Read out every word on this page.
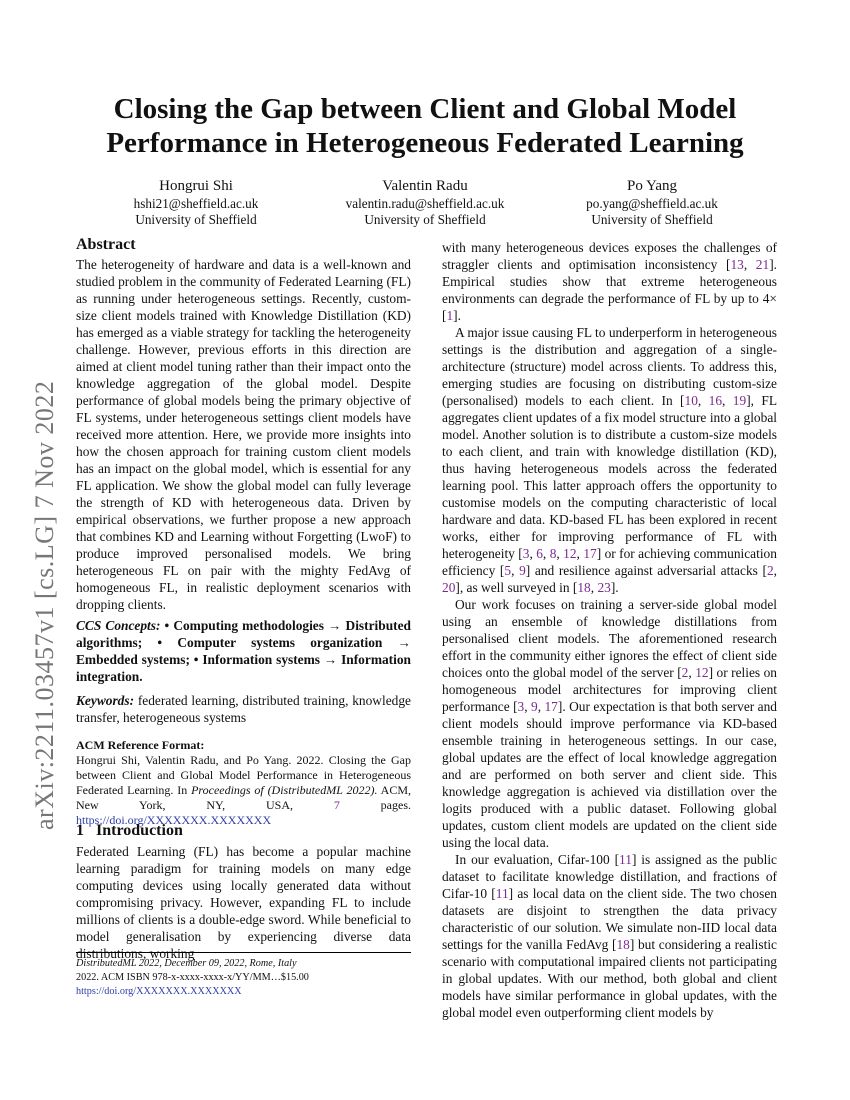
Closing the Gap between Client and Global Model
Performance in Heterogeneous Federated Learning
Hongrui Shi
hshi21@sheffield.ac.uk
University of Sheffield
Valentin Radu
valentin.radu@sheffield.ac.uk
University of Sheffield
Po Yang
po.yang@sheffield.ac.uk
University of Sheffield
arXiv:2211.03457v1 [cs.LG] 7 Nov 2022
Abstract

The heterogeneity of hardware and data is a well-known and studied problem in the community of Federated Learning (FL) as running under heterogeneous settings. Recently, custom-size client models trained with Knowledge Distillation (KD) has emerged as a viable strategy for tackling the heterogeneity challenge. However, previous efforts in this direction are aimed at client model tuning rather than their impact onto the knowledge aggregation of the global model. Despite performance of global models being the primary objective of FL systems, under heterogeneous settings client models have received more attention. Here, we provide more insights into how the chosen approach for training custom client models has an impact on the global model, which is essential for any FL application. We show the global model can fully leverage the strength of KD with heterogeneous data. Driven by empirical observations, we further propose a new approach that combines KD and Learning without Forgetting (LwoF) to produce improved personalised models. We bring heterogeneous FL on pair with the mighty FedAvg of homogeneous FL, in realistic deployment scenarios with dropping clients.

CCS Concepts: • Computing methodologies → Distributed algorithms; • Computer systems organization → Embedded systems; • Information systems → Information integration.

Keywords: federated learning, distributed training, knowledge transfer, heterogeneous systems

ACM Reference Format:

Hongrui Shi, Valentin Radu, and Po Yang. 2022. Closing the Gap between Client and Global Model Performance in Heterogeneous Federated Learning. In Proceedings of (DistributedML 2022). ACM, New York, NY, USA, 7 pages. https://doi.org/XXXXXXX.XXXXXXX

1 Introduction

Federated Learning (FL) has become a popular machine learning paradigm for training models on many edge computing devices using locally generated data without compromising privacy. However, expanding FL to include millions of clients is a double-edge sword. While beneficial to model generalisation by experiencing diverse data distributions, working

DistributedML 2022, December 09, 2022, Rome, Italy
2022. ACM ISBN 978-x-xxxx-xxxx-x/YY/MM…$15.00
https://doi.org/XXXXXXX.XXXXXXX

with many heterogeneous devices exposes the challenges of straggler clients and optimisation inconsistency [13, 21]. Empirical studies show that extreme heterogeneous environments can degrade the performance of FL by up to 4× [1].

A major issue causing FL to underperform in heterogeneous settings is the distribution and aggregation of a single-architecture (structure) model across clients. To address this, emerging studies are focusing on distributing custom-size (personalised) models to each client. In [10, 16, 19], FL aggregates client updates of a fix model structure into a global model. Another solution is to distribute a custom-size models to each client, and train with knowledge distillation (KD), thus having heterogeneous models across the federated learning pool. This latter approach offers the opportunity to customise models on the computing characteristic of local hardware and data. KD-based FL has been explored in recent works, either for improving performance of FL with heterogeneity [3, 6, 8, 12, 17] or for achieving communication efficiency [5, 9] and resilience against adversarial attacks [2, 20], as well surveyed in [18, 23].

Our work focuses on training a server-side global model using an ensemble of knowledge distillations from personalised client models. The aforementioned research effort in the community either ignores the effect of client side choices onto the global model of the server [2, 12] or relies on homogeneous model architectures for improving client performance [3, 9, 17]. Our expectation is that both server and client models should improve performance via KD-based ensemble training in heterogeneous settings. In our case, global updates are the effect of local knowledge aggregation and are performed on both server and client side. This knowledge aggregation is achieved via distillation over the logits produced with a public dataset. Following global updates, custom client models are updated on the client side using the local data.

In our evaluation, Cifar-100 [11] is assigned as the public dataset to facilitate knowledge distillation, and fractions of Cifar-10 [11] as local data on the client side. The two chosen datasets are disjoint to strengthen the data privacy characteristic of our solution. We simulate non-IID local data settings for the vanilla FedAvg [18] but considering a realistic scenario with computational impaired clients not participating in global updates. With our method, both global and client models have similar performance in global updates, with the global model even outperforming client models by
